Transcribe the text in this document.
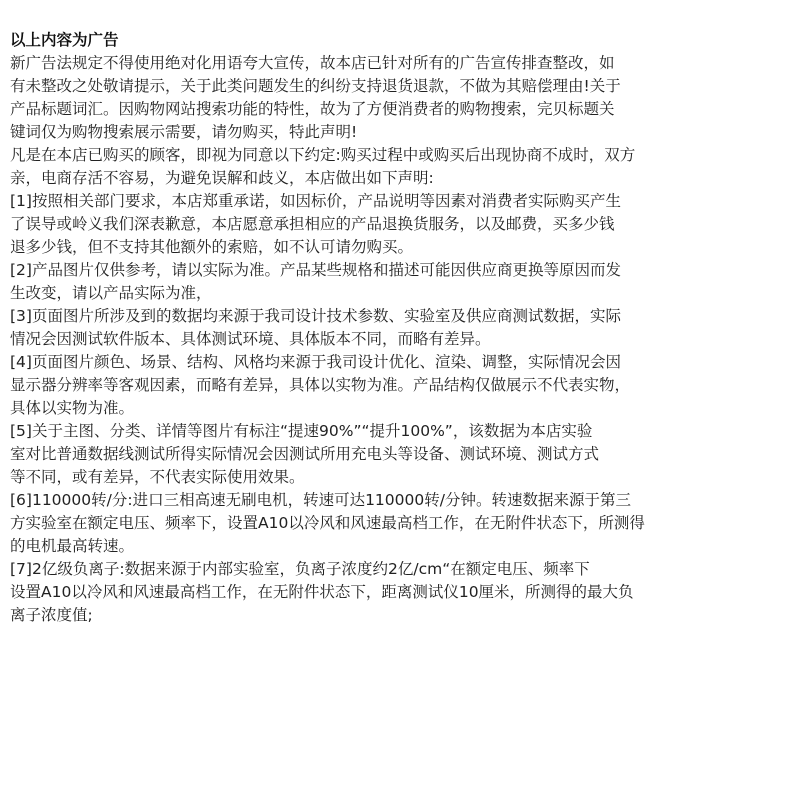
以上内容为广告
新广告法规定不得使用绝对化用语夸大宣传，故本店已针对所有的广告宣传排查整改，如
有未整改之处敬请提示，关于此类问题发生的纠纷支持退货退款，不做为其赔偿理由!关于
产品标题词汇。因购物网站搜索功能的特性，故为了方便消费者的购物搜索，完贝标题关
键词仅为购物搜索展示需要，请勿购买，特此声明!
凡是在本店已购买的顾客，即视为同意以下约定:购买过程中或购买后出现协商不成时，双方
亲，电商存活不容易，为避免误解和歧义，本店做出如下声明:
[1]按照相关部门要求，本店郑重承诺，如因标价，产品说明等因素对消费者实际购买产生
了误导或岭义我们深表歉意，本店愿意承担相应的产品退换货服务，以及邮费，买多少钱
退多少钱，但不支持其他额外的索赔，如不认可请勿购买。
[2]产品图片仅供参考，请以实际为准。产品某些规格和描述可能因供应商更换等原因而发
生改变，请以产品实际为准，
[3]页面图片所涉及到的数据均来源于我司设计技术参数、实验室及供应商测试数据，实际
情况会因测试软件版本、具体测试环境、具体版本不同，而略有差异。
[4]页面图片颜色、场景、结构、风格均来源于我司设计优化、渲染、调整，实际情况会因
显示器分辨率等客观因素，而略有差异，具体以实物为准。产品结构仅做展示不代表实物，
具体以实物为准。
[5]关于主图、分类、详情等图片有标注“提速90%”“提升100%”，该数据为本店实验
室对比普通数据线测试所得实际情况会因测试所用充电头等设备、测试环境、测试方式
等不同，或有差异，不代表实际使用效果。
[6]110000转/分:进口三相高速无刷电机，转速可达110000转/分钟。转速数据来源于第三
方实验室在额定电压、频率下，设置A10以冷风和风速最高档工作，在无附件状态下，所测得
的电机最高转速。
[7]2亿级负离子:数据来源于内部实验室，负离子浓度约2亿/cm“在额定电压、频率下
设置A10以冷风和风速最高档工作，在无附件状态下，距离测试仪10厘米，所测得的最大负
离子浓度值;
